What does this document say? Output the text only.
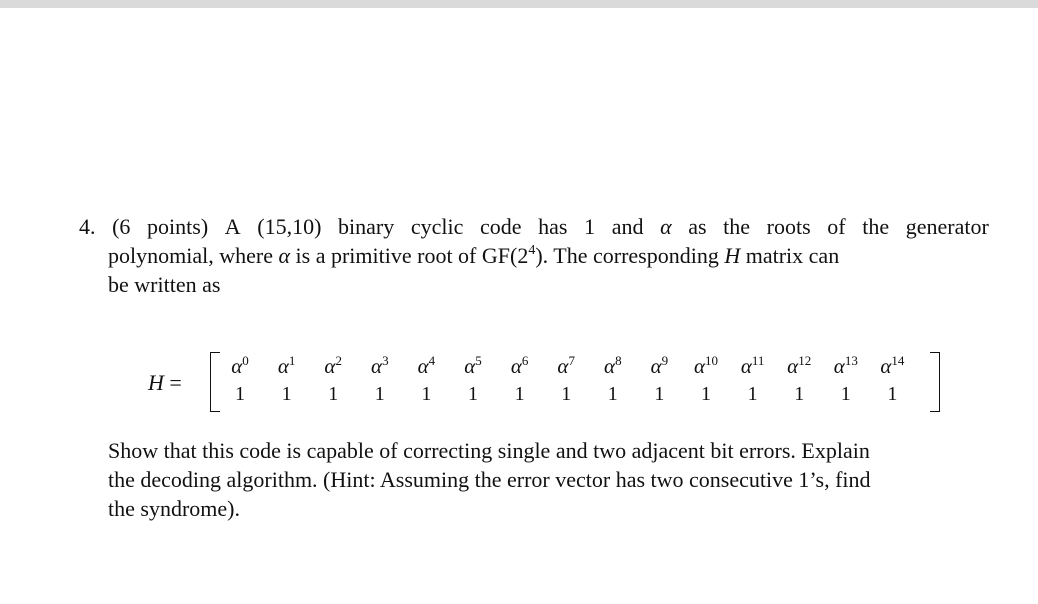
4. (6 points) A (15,10) binary cyclic code has 1 and α as the roots of the generator
polynomial, where α is a primitive root of $GF(2^4)$. The corresponding H matrix can
be written as
H =
$\alpha^0$
1
$\alpha^1$
1
$\alpha^2$
1
$\alpha^3$
1
$\alpha^4$
1
$\alpha^5$
1
$\alpha^6$
1
$\alpha^7$
1
$\alpha^8$
1
$\alpha^9$
1
$\alpha^{10}$
1
$\alpha^{11}$
1
$\alpha^{12}$
1
$\alpha^{13}$
1
$\alpha^{14}$
1
Show that this code is capable of correcting single and two adjacent bit errors. Explain
the decoding algorithm. (Hint: Assuming the error vector has two consecutive 1’s, find
the syndrome).
